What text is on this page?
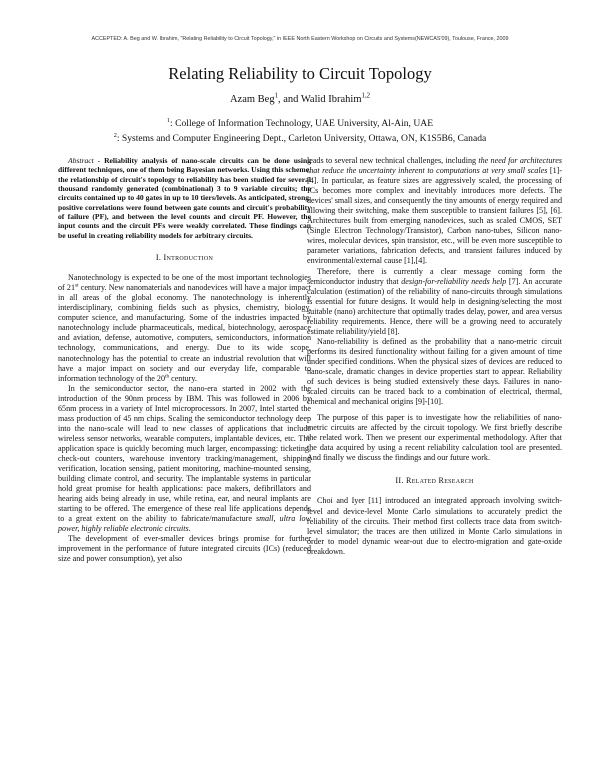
ACCEPTED: A. Beg and W. Ibrahim, "Relating Reliability to Circuit Topology," in IEEE North Eastern Workshop on Circuits and Systems(NEWCAS'09), Toulouse, France, 2009
Relating Reliability to Circuit Topology
Azam Beg$^1$, and Walid Ibrahim$^{1,2}$
$^1$: College of Information Technology, UAE University, Al-Ain, UAE
$^2$: Systems and Computer Engineering Dept., Carleton University, Ottawa, ON, K1S5B6, Canada

Abstract - Reliability analysis of nano-scale circuits can be done using different techniques, one of them being Bayesian networks. Using this scheme, the relationship of circuit's topology to reliability has been studied for several thousand randomly generated (combinational) 3 to 9 variable circuits; the circuits contained up to 40 gates in up to 10 tiers/levels. As anticipated, strong, positive correlations were found between gate counts and circuit's probability of failure (PF), and between the level counts and circuit PF. However, the input counts and the circuit PFs were weakly correlated. These findings can be useful in creating reliability models for arbitrary circuits.

I. Introduction

Nanotechnology is expected to be one of the most important technologies of 21st century. New nanomaterials and nanodevices will have a major impact in all areas of the global economy. The nanotechnology is inherently interdisciplinary, combining fields such as physics, chemistry, biology, computer science, and manufacturing. Some of the industries impacted by nanotechnology include pharmaceuticals, medical, biotechnology, aerospace and aviation, defense, automotive, computers, semiconductors, information technology, communications, and energy. Due to its wide scope, nanotechnology has the potential to create an industrial revolution that will have a major impact on society and our everyday life, comparable to information technology of the 20th century.

In the semiconductor sector, the nano-era started in 2002 with the introduction of the 90nm process by IBM. This was followed in 2006 by 65nm process in a variety of Intel microprocessors. In 2007, Intel started the mass production of 45 nm chips. Scaling the semiconductor technology deep into the nano-scale will lead to new classes of applications that include wireless sensor networks, wearable computers, implantable devices, etc. The application space is quickly becoming much larger, encompassing: ticketing, check-out counters, warehouse inventory tracking/management, shipping verification, location sensing, patient monitoring, machine-mounted sensing, building climate control, and security. The implantable systems in particular hold great promise for health applications: pace makers, defibrillators and hearing aids being already in use, while retina, ear, and neural implants are starting to be offered. The emergence of these real life applications depends to a great extent on the ability to fabricate/manufacture small, ultra low power, highly reliable electronic circuits.

The development of ever-smaller devices brings promise for further improvement in the performance of future integrated circuits (ICs) (reduced size and power consumption), yet also

leads to several new technical challenges, including the need for architectures that reduce the uncertainty inherent to computations at very small scales [1]-[4]. In particular, as feature sizes are aggressively scaled, the processing of ICs becomes more complex and inevitably introduces more defects. The devices' small sizes, and consequently the tiny amounts of energy required and allowing their switching, make them susceptible to transient failures [5], [6]. Architectures built from emerging nanodevices, such as scaled CMOS, SET (Single Electron Technology/Transistor), Carbon nano-tubes, Silicon nano-wires, molecular devices, spin transistor, etc., will be even more susceptible to parameter variations, fabrication defects, and transient failures induced by environmental/external cause [1],[4].

Therefore, there is currently a clear message coming form the semiconductor industry that design-for-reliability needs help [7]. An accurate calculation (estimation) of the reliability of nano-circuits through simulations is essential for future designs. It would help in designing/selecting the most suitable (nano) architecture that optimally trades delay, power, and area versus reliability requirements. Hence, there will be a growing need to accurately estimate reliability/yield [8].

Nano-reliability is defined as the probability that a nano-metric circuit performs its desired functionality without failing for a given amount of time under specified conditions. When the physical sizes of devices are reduced to nano-scale, dramatic changes in device properties start to appear. Reliability of such devices is being studied extensively these days. Failures in nano-scaled circuits can be traced back to a combination of electrical, thermal, chemical and mechanical origins [9]-[10].

The purpose of this paper is to investigate how the reliabilities of nano-metric circuits are affected by the circuit topology. We first briefly describe the related work. Then we present our experimental methodology. After that the data acquired by using a recent reliability calculation tool are presented. And finally we discuss the findings and our future work.

II. Related Research

Choi and Iyer [11] introduced an integrated approach involving switch-level and device-level Monte Carlo simulations to accurately predict the reliability of the circuits. Their method first collects trace data from switch-level simulator; the traces are then utilized in Monte Carlo simulations in order to model dynamic wear-out due to electro-migration and gate-oxide breakdown.
